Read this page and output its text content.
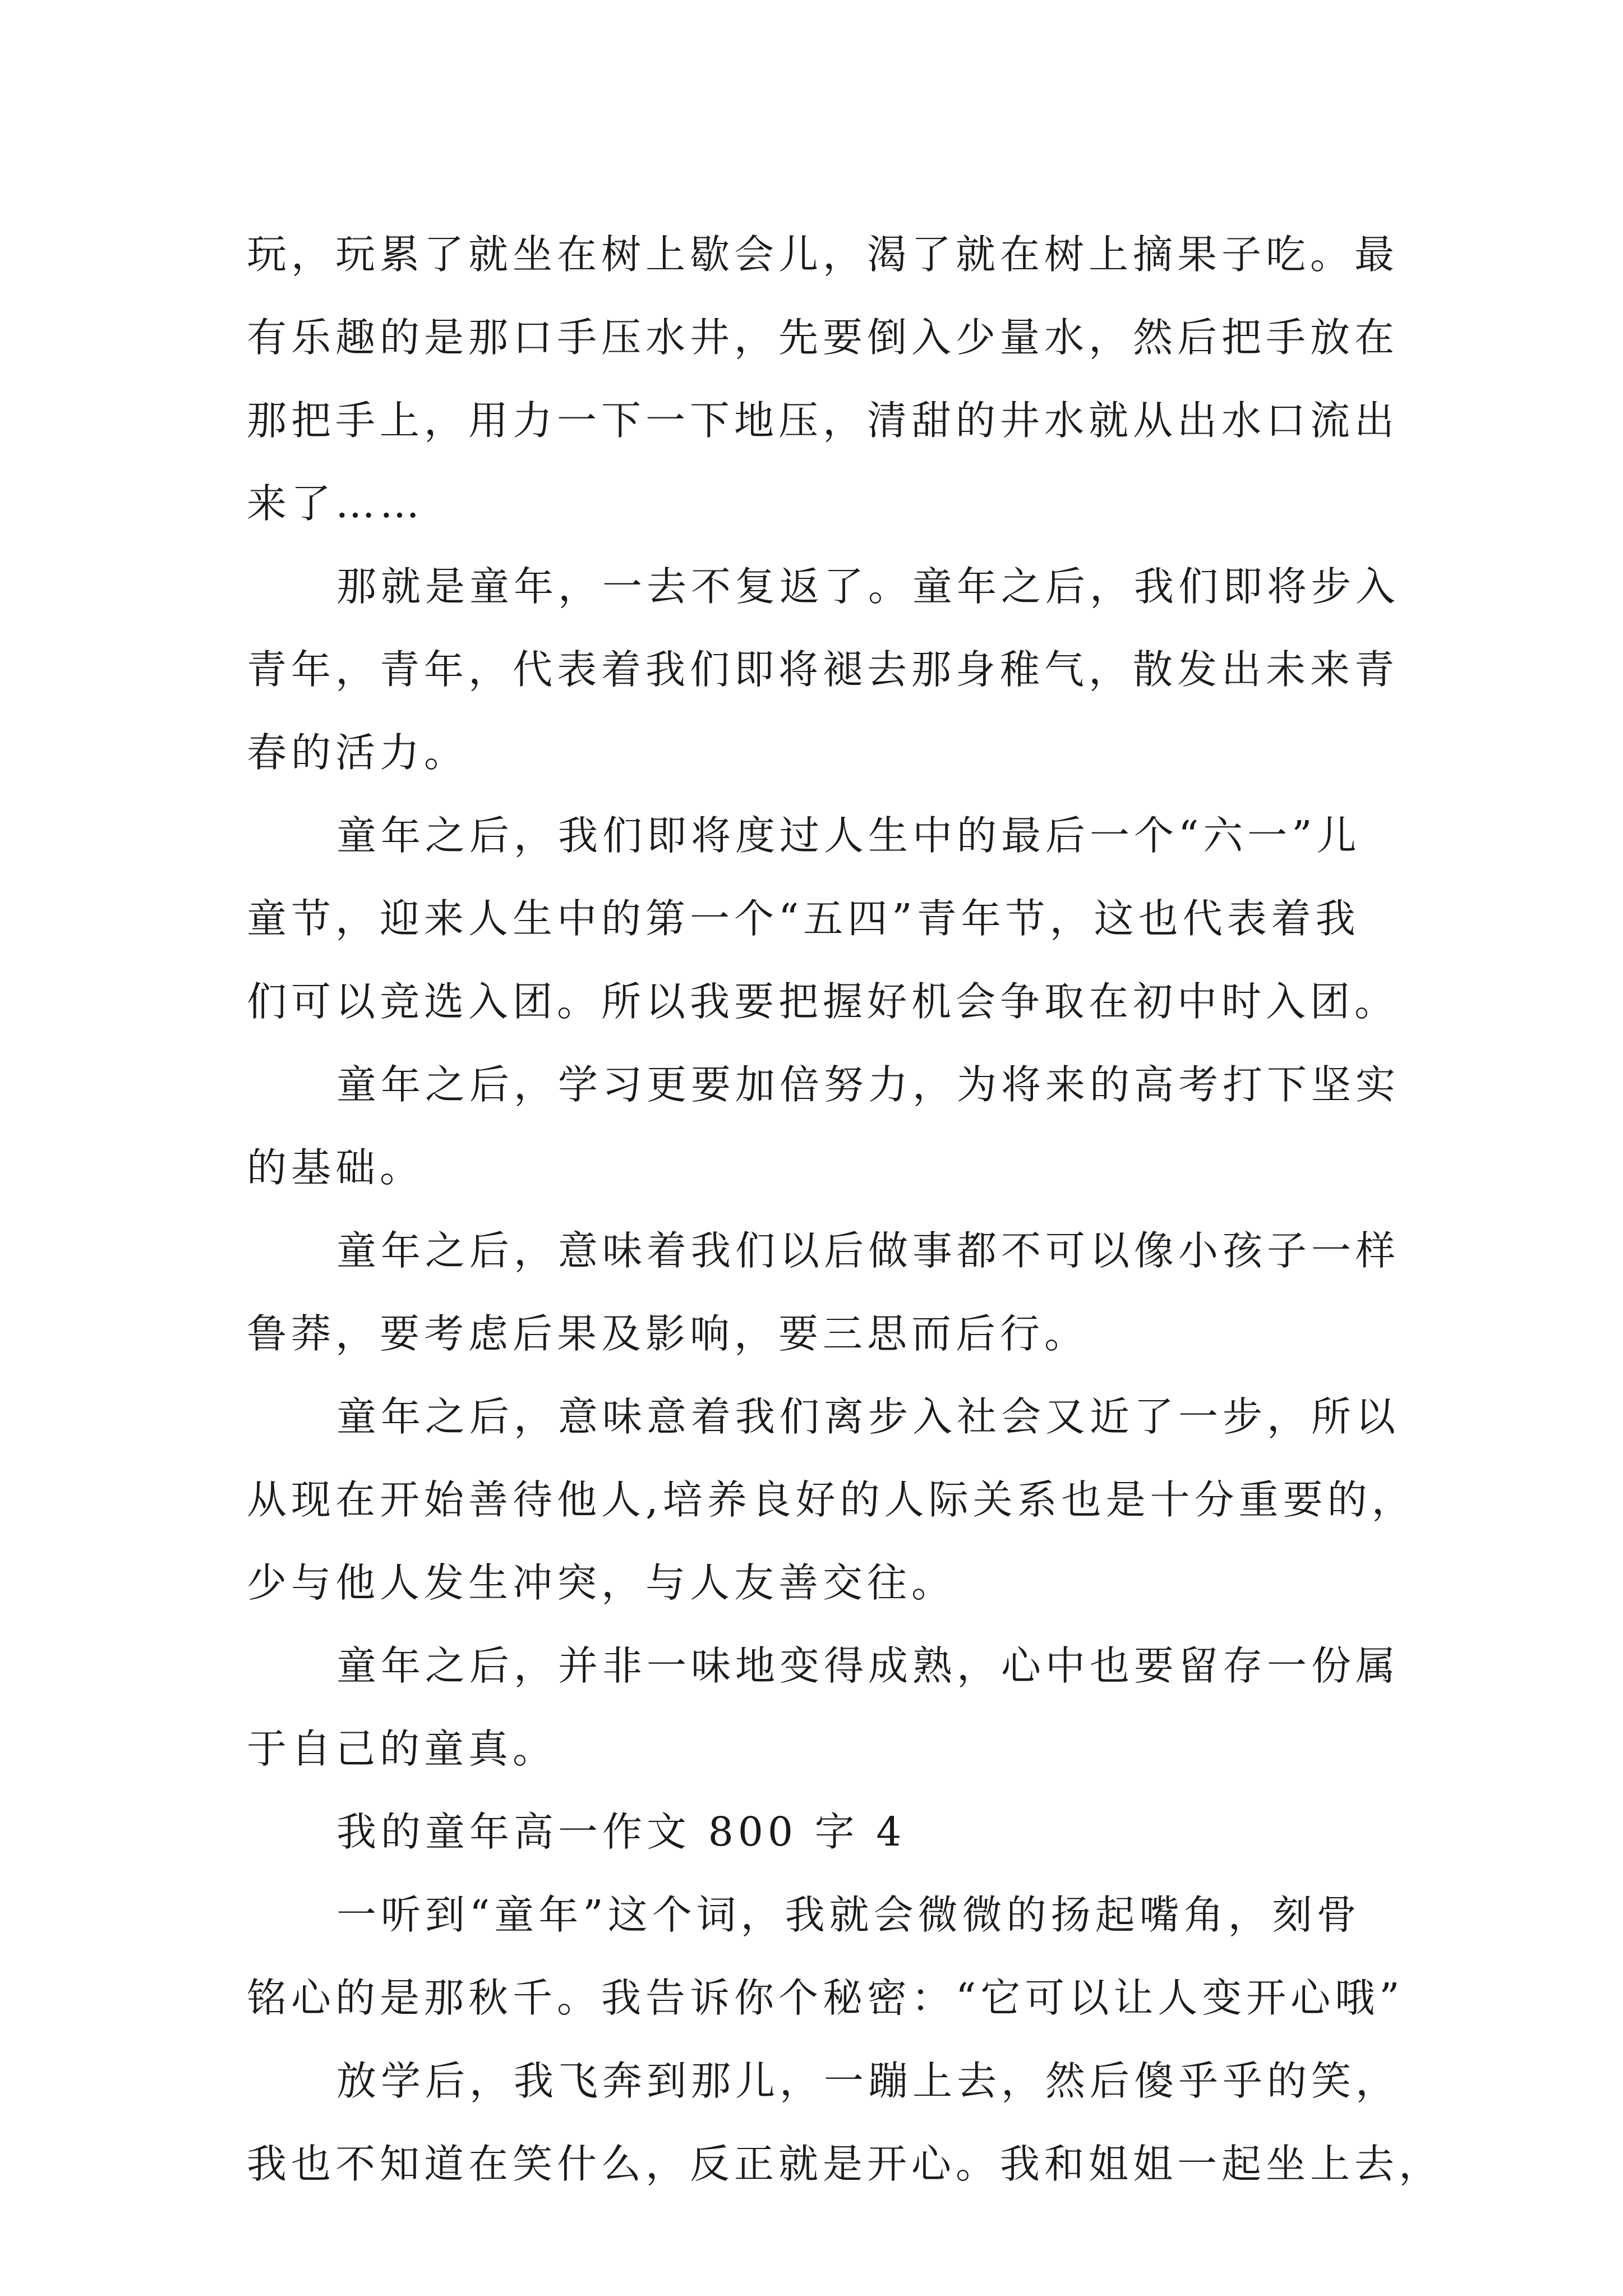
玩，玩累了就坐在树上歇会儿，渴了就在树上摘果子吃。最
有乐趣的是那口手压水井，先要倒入少量水，然后把手放在
那把手上，用力一下一下地压，清甜的井水就从出水口流出
来了……
那就是童年，一去不复返了。童年之后，我们即将步入
青年，青年，代表着我们即将褪去那身稚气，散发出未来青
春的活力。
童年之后，我们即将度过人生中的最后一个“六一”儿
童节，迎来人生中的第一个“五四”青年节，这也代表着我
们可以竞选入团。所以我要把握好机会争取在初中时入团。
童年之后，学习更要加倍努力，为将来的高考打下坚实
的基础。
童年之后，意味着我们以后做事都不可以像小孩子一样
鲁莽，要考虑后果及影响，要三思而后行。
童年之后，意味意着我们离步入社会又近了一步，所以
从现在开始善待他人,培养良好的人际关系也是十分重要的，
少与他人发生冲突，与人友善交往。
童年之后，并非一味地变得成熟，心中也要留存一份属
于自己的童真。
我的童年高一作文 800 字 4
一听到“童年”这个词，我就会微微的扬起嘴角，刻骨
铭心的是那秋千。我告诉你个秘密：“它可以让人变开心哦”
放学后，我飞奔到那儿，一蹦上去，然后傻乎乎的笑，
我也不知道在笑什么，反正就是开心。我和姐姐一起坐上去，
